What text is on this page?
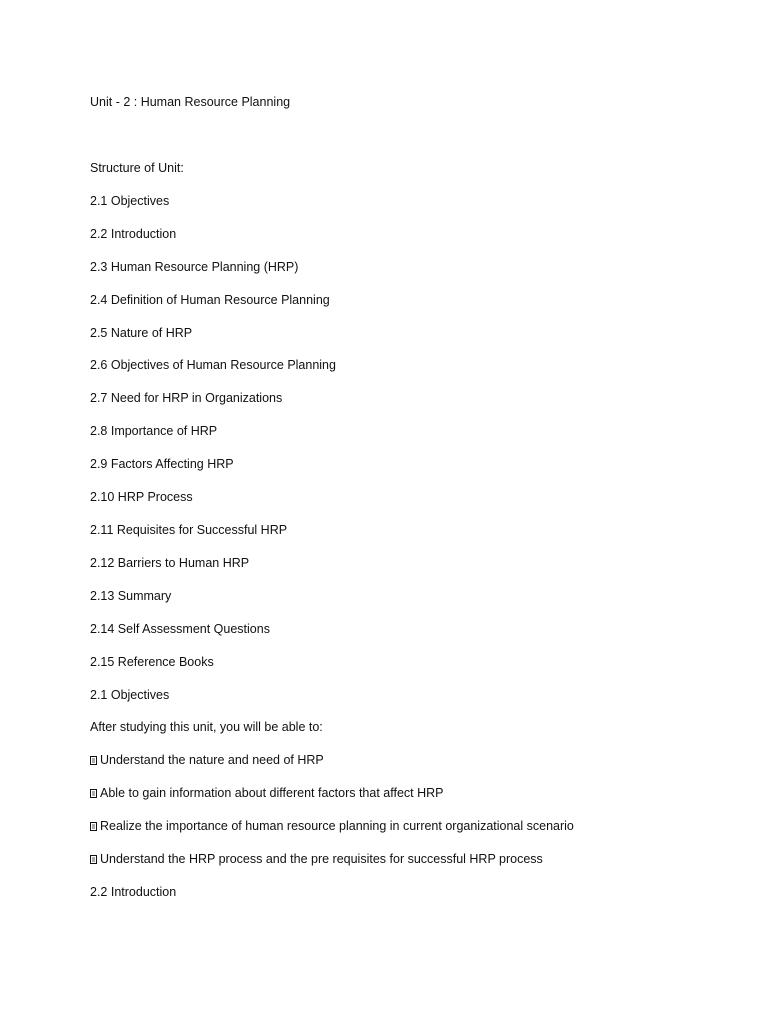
Unit - 2 : Human Resource Planning
Structure of Unit:
2.1 Objectives
2.2 Introduction
2.3 Human Resource Planning (HRP)
2.4 Definition of Human Resource Planning
2.5 Nature of HRP
2.6 Objectives of Human Resource Planning
2.7 Need for HRP in Organizations
2.8 Importance of HRP
2.9 Factors Affecting HRP
2.10 HRP Process
2.11 Requisites for Successful HRP
2.12 Barriers to Human HRP
2.13 Summary
2.14 Self Assessment Questions
2.15 Reference Books
2.1 Objectives
After studying this unit, you will be able to:
Understand the nature and need of HRP
Able to gain information about different factors that affect HRP
Realize the importance of human resource planning in current organizational scenario
Understand the HRP process and the pre requisites for successful HRP process
2.2 Introduction
